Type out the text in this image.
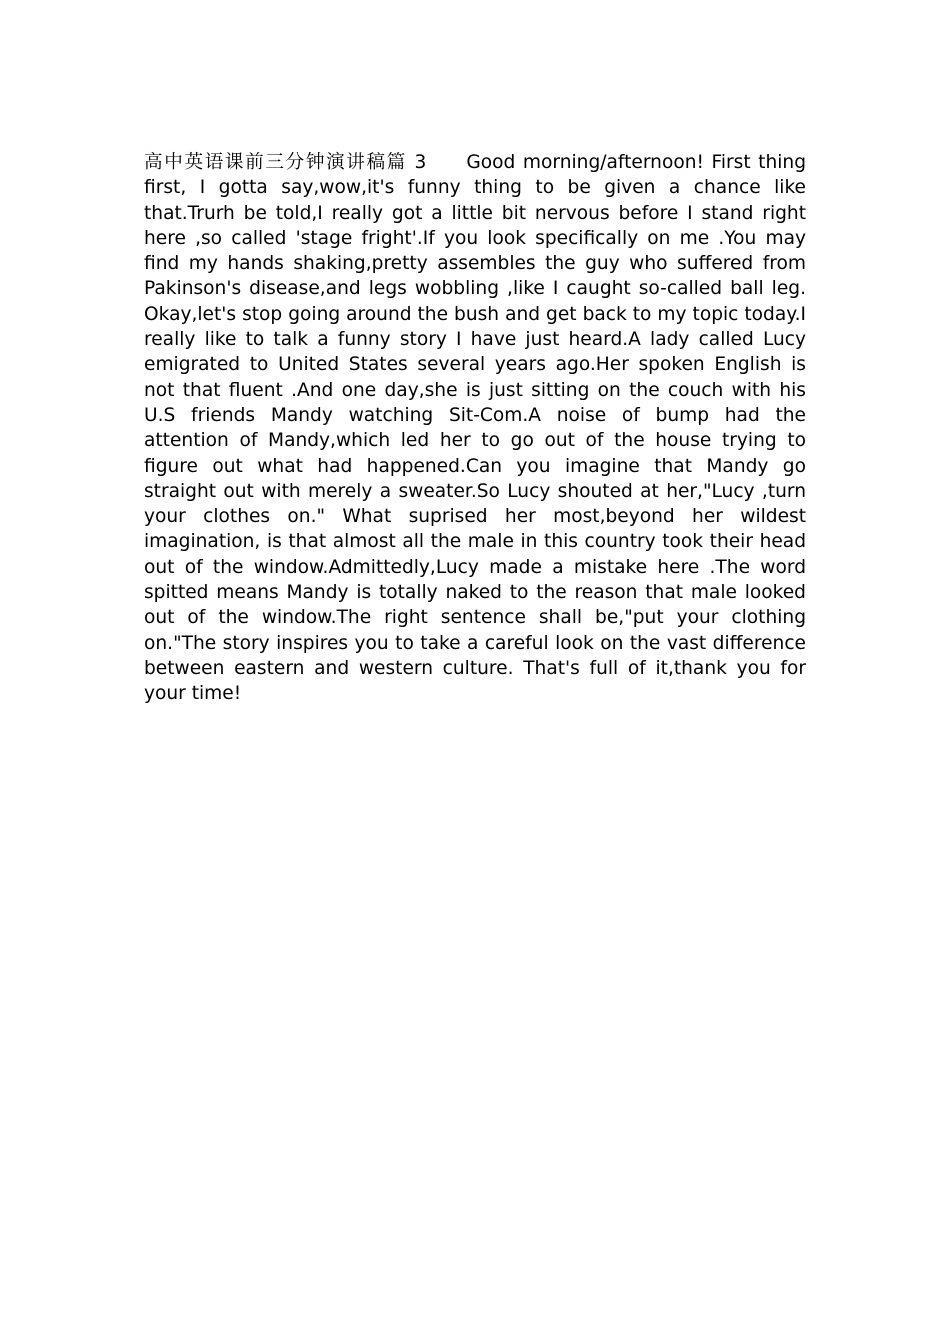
高中英语课前三分钟演讲稿篇 3 Good morning/afternoon! First thing first, I gotta say,wow,it's funny thing to be given a chance like that.Trurh be told,I really got a little bit nervous before I stand right here ,so called 'stage fright'.If you look specifically on me .You may find my hands shaking,pretty assembles the guy who suffered from Pakinson's disease,and legs wobbling ,like I caught so-called ball leg. Okay,let's stop going around the bush and get back to my topic today.I really like to talk a funny story I have just heard.A lady called Lucy emigrated to United States several years ago.Her spoken English is not that fluent .And one day,she is just sitting on the couch with his U.S friends Mandy watching Sit-Com.A noise of bump had the attention of Mandy,which led her to go out of the house trying to figure out what had happened.Can you imagine that Mandy go straight out with merely a sweater.So Lucy shouted at her,"Lucy ,turn your clothes on." What suprised her most,beyond her wildest imagination, is that almost all the male in this country took their head out of the window.Admittedly,Lucy made a mistake here .The word spitted means Mandy is totally naked to the reason that male looked out of the window.The right sentence shall be,"put your clothing on."The story inspires you to take a careful look on the vast difference between eastern and western culture. That's full of it,thank you for your time!
